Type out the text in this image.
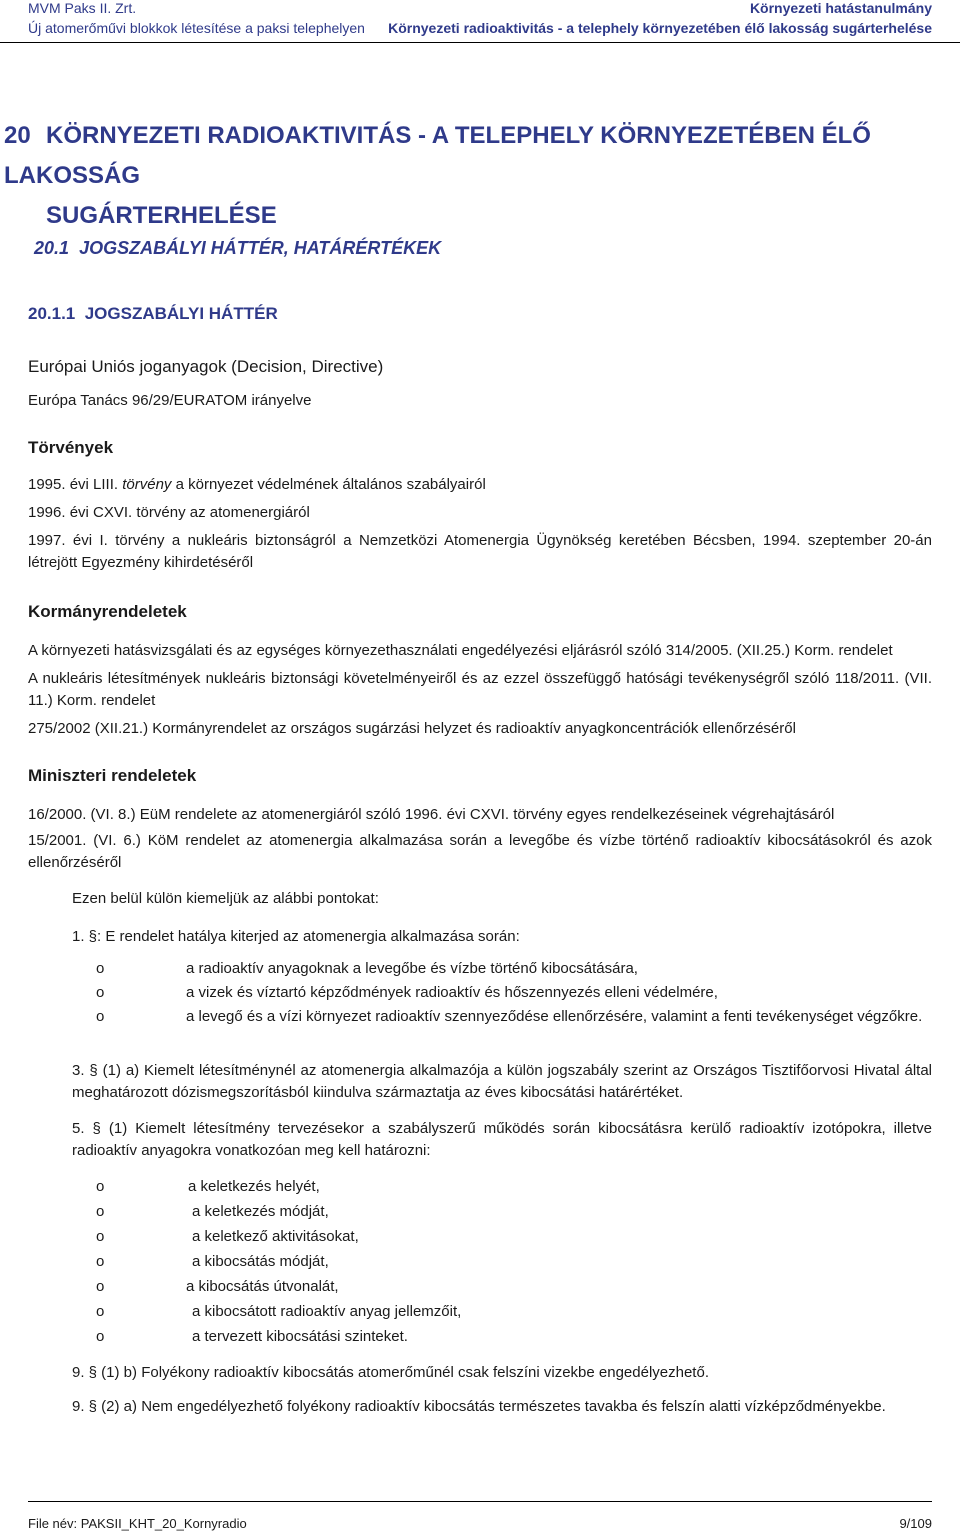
MVM Paks II. Zrt.
Új atomerőművi blokkok létesítése a paksi telephelyen
Környezeti hatástanulmány
Környezeti radioaktivitás - a telephely környezetében élő lakosság sugárterhelése
20 KÖRNYEZETI RADIOAKTIVITÁS - A TELEPHELY KÖRNYEZETÉBEN ÉLŐ LAKOSSÁG
SUGÁRTERHELÉSE
20.1 JOGSZABÁLYI HÁTTÉR, HATÁRÉRTÉKEK
20.1.1 JOGSZABÁLYI HÁTTÉR
Európai Uniós joganyagok (Decision, Directive)
Európa Tanács 96/29/EURATOM irányelve
Törvények
1995. évi LIII. törvény a környezet védelmének általános szabályairól
1996. évi CXVI. törvény az atomenergiáról
1997. évi I. törvény a nukleáris biztonságról a Nemzetközi Atomenergia Ügynökség keretében Bécsben, 1994. szeptember 20-án létrejött Egyezmény kihirdetéséről
Kormányrendeletek
A környezeti hatásvizsgálati és az egységes környezethasználati engedélyezési eljárásról szóló 314/2005. (XII.25.) Korm. rendelet
A nukleáris létesítmények nukleáris biztonsági követelményeiről és az ezzel összefüggő hatósági tevékenységről szóló 118/2011. (VII. 11.) Korm. rendelet
275/2002 (XII.21.) Kormányrendelet az országos sugárzási helyzet és radioaktív anyagkoncentrációk ellenőrzéséről
Miniszteri rendeletek
16/2000. (VI. 8.) EüM rendelete az atomenergiáról szóló 1996. évi CXVI. törvény egyes rendelkezéseinek végrehajtásáról
15/2001. (VI. 6.) KöM rendelet az atomenergia alkalmazása során a levegőbe és vízbe történő radioaktív kibocsátásokról és azok ellenőrzéséről
Ezen belül külön kiemeljük az alábbi pontokat:
1. §: E rendelet hatálya kiterjed az atomenergia alkalmazása során:
o	a radioaktív anyagoknak a levegőbe és vízbe történő kibocsátására,
o	a vizek és víztartó képződmények radioaktív és hőszennyezés elleni védelmére,
o	a levegő és a vízi környezet radioaktív szennyeződése ellenőrzésére, valamint a fenti tevékenységet végzőkre.
3. § (1) a) Kiemelt létesítménynél az atomenergia alkalmazója a külön jogszabály szerint az Országos Tisztifőorvosi Hivatal által meghatározott dózismegszorításból kiindulva származtatja az éves kibocsátási határértéket.
5. § (1) Kiemelt létesítmény tervezésekor a szabályszerű működés során kibocsátásra kerülő radioaktív izotópokra, illetve radioaktív anyagokra vonatkozóan meg kell határozni:
o	a keletkezés helyét,
o	a keletkezés módját,
o	a keletkező aktivitásokat,
o	a kibocsátás módját,
o	a kibocsátás útvonalát,
o	a kibocsátott radioaktív anyag jellemzőit,
o	a tervezett kibocsátási szinteket.
9. § (1) b) Folyékony radioaktív kibocsátás atomerőműnél csak felszíni vizekbe engedélyezhető.
9. § (2) a) Nem engedélyezhető folyékony radioaktív kibocsátás természetes tavakba és felszín alatti vízképződményekbe.
File név: PAKSII_KHT_20_Kornyradio	9/109
